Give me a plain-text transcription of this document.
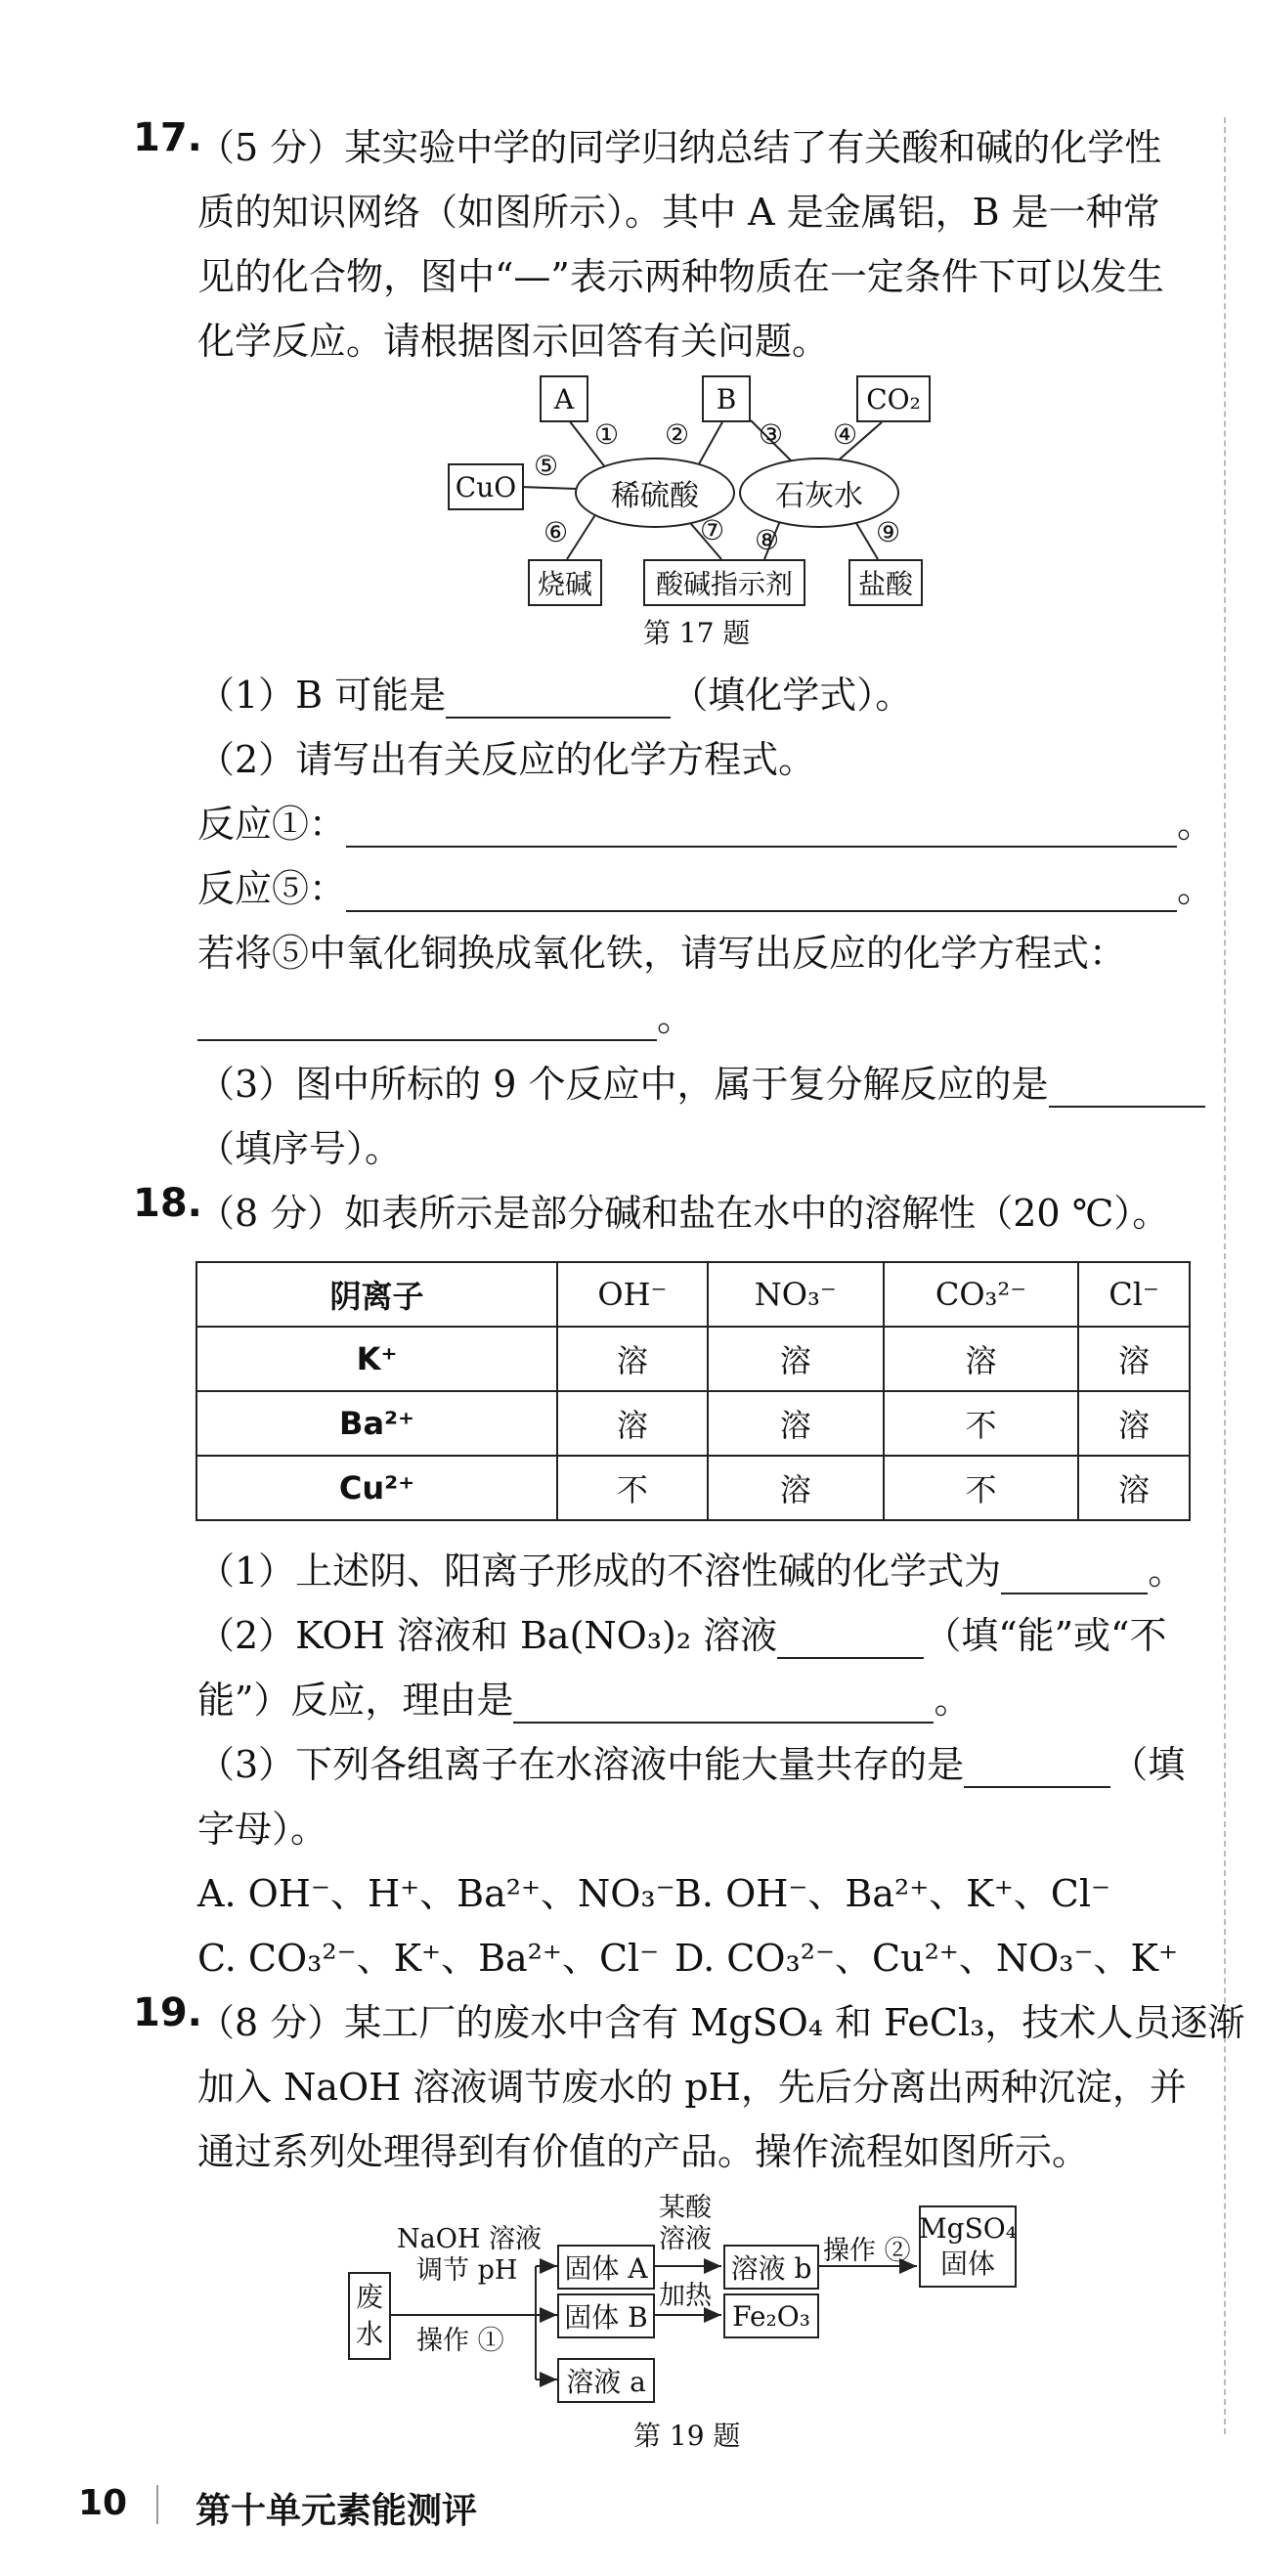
17.
（5 分）某实验中学的同学归纳总结了有关酸和碱的化学性
质的知识网络（如图所示）。其中 A 是金属铝，B 是一种常
见的化合物，图中“—”表示两种物质在一定条件下可以发生
化学反应。请根据图示回答有关问题。
A	B	CO₂
CuO	稀硫酸	石灰水
烧碱	酸碱指示剂	盐酸
① ②	③ ④
⑤
⑥	⑦ ⑧	⑨
第 17 题
（1）B 可能是	（填化学式）。
（2）请写出有关反应的化学方程式。
反应①：	。
反应⑤：	。
若将⑤中氧化铜换成氧化铁，请写出反应的化学方程式：
。
（3）图中所标的 9 个反应中，属于复分解反应的是
（填序号）。
18.
（8 分）如表所示是部分碱和盐在水中的溶解性（20 ℃）。
阴离子	OH⁻	NO₃⁻	CO₃²⁻	Cl⁻
K⁺	溶	溶	溶	溶
Ba²⁺	溶	溶	不	溶
Cu²⁺	不	溶	不	溶
（1）上述阴、阳离子形成的不溶性碱的化学式为	。
（2）KOH 溶液和 Ba(NO₃)₂ 溶液	（填“能”或“不
能”）反应，理由是	。
（3）下列各组离子在水溶液中能大量共存的是	（填
字母）。
A. OH⁻、H⁺、Ba²⁺、NO₃⁻ B. OH⁻、Ba²⁺、K⁺、Cl⁻
C. CO₃²⁻、K⁺、Ba²⁺、Cl⁻ D. CO₃²⁻、Cu²⁺、NO₃⁻、K⁺
19.
（8 分）某工厂的废水中含有 MgSO₄ 和 FeCl₃，技术人员逐渐
加入 NaOH 溶液调节废水的 pH，先后分离出两种沉淀，并
通过系列处理得到有价值的产品。操作流程如图所示。
废
水
NaOH 溶液
调节 pH
操作 ①
固体 A
固体 B
溶液 a
某酸
溶液
加热
溶液 b
Fe₂O₃
操作 ②
MgSO₄
固体
第 19 题
10 第十单元素能测评
